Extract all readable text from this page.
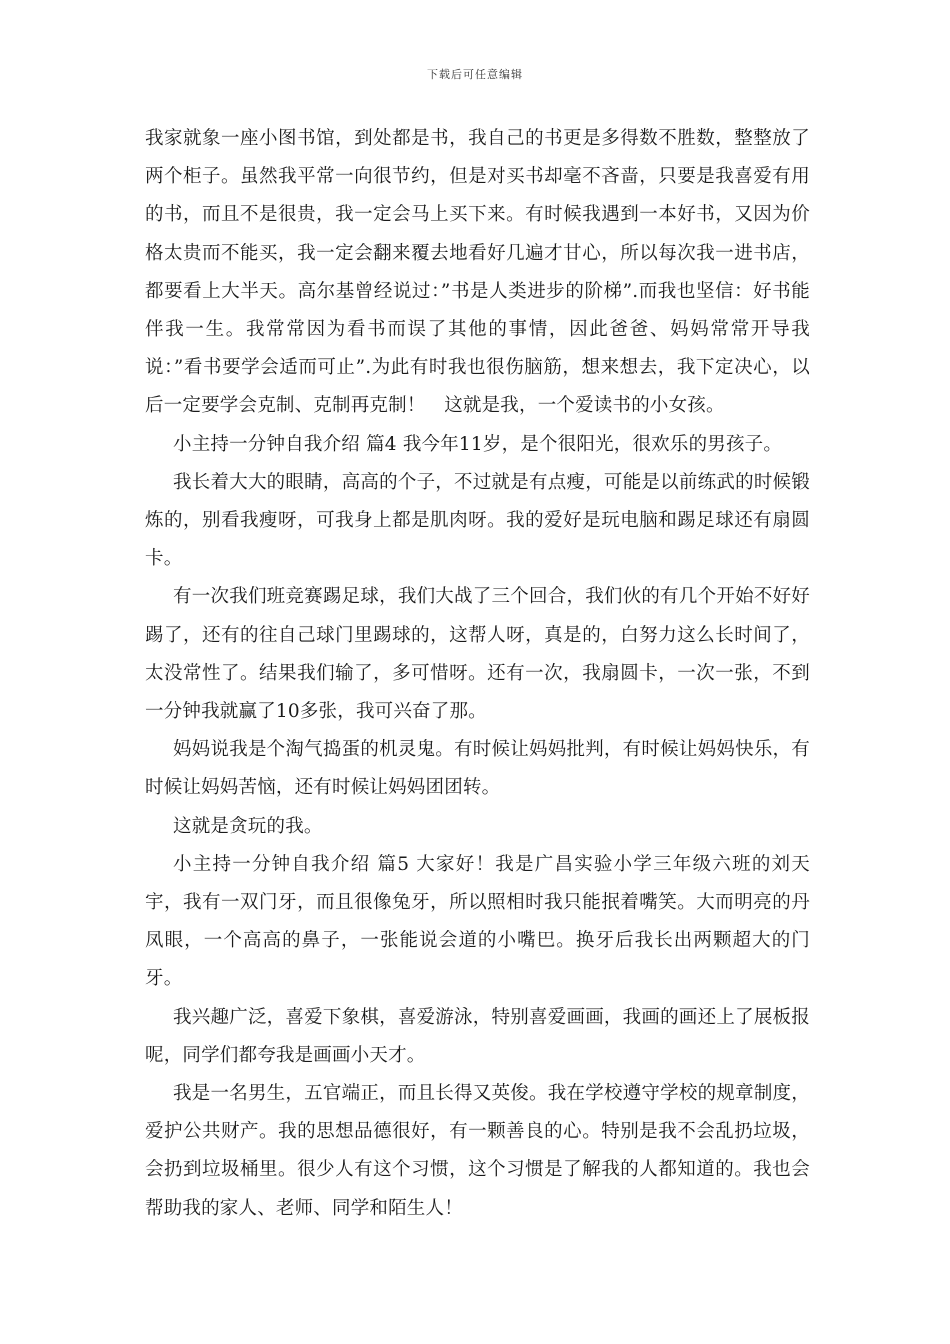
下载后可任意编辑

我家就象一座小图书馆，到处都是书，我自己的书更是多得数不胜数，整整放了两个柜子。虽然我平常一向很节约，但是对买书却毫不吝啬，只要是我喜爱有用的书，而且不是很贵，我一定会马上买下来。有时候我遇到一本好书，又因为价格太贵而不能买，我一定会翻来覆去地看好几遍才甘心，所以每次我一进书店，都要看上大半天。高尔基曾经说过：”书是人类进步的阶梯”.而我也坚信：好书能伴我一生。我常常因为看书而误了其他的事情，因此爸爸、妈妈常常开导我说：”看书要学会适而可止”.为此有时我也很伤脑筋，想来想去，我下定决心，以后一定要学会克制、克制再克制！　这就是我，一个爱读书的小女孩。

小主持一分钟自我介绍 篇4 我今年11岁，是个很阳光，很欢乐的男孩子。

我长着大大的眼睛，高高的个子，不过就是有点瘦，可能是以前练武的时候锻炼的，别看我瘦呀，可我身上都是肌肉呀。我的爱好是玩电脑和踢足球还有扇圆卡。

有一次我们班竞赛踢足球，我们大战了三个回合，我们伙的有几个开始不好好踢了，还有的往自己球门里踢球的，这帮人呀，真是的，白努力这么长时间了，太没常性了。结果我们输了，多可惜呀。还有一次，我扇圆卡，一次一张，不到一分钟我就赢了10多张，我可兴奋了那。

妈妈说我是个淘气捣蛋的机灵鬼。有时候让妈妈批判，有时候让妈妈快乐，有时候让妈妈苦恼，还有时候让妈妈团团转。

这就是贪玩的我。

小主持一分钟自我介绍 篇5 大家好！我是广昌实验小学三年级六班的刘天宇，我有一双门牙，而且很像兔牙，所以照相时我只能抿着嘴笑。大而明亮的丹凤眼，一个高高的鼻子，一张能说会道的小嘴巴。换牙后我长出两颗超大的门牙。

我兴趣广泛，喜爱下象棋，喜爱游泳，特别喜爱画画，我画的画还上了展板报呢，同学们都夸我是画画小天才。

我是一名男生，五官端正，而且长得又英俊。我在学校遵守学校的规章制度，爱护公共财产。我的思想品德很好，有一颗善良的心。特别是我不会乱扔垃圾，会扔到垃圾桶里。很少人有这个习惯，这个习惯是了解我的人都知道的。我也会帮助我的家人、老师、同学和陌生人！
